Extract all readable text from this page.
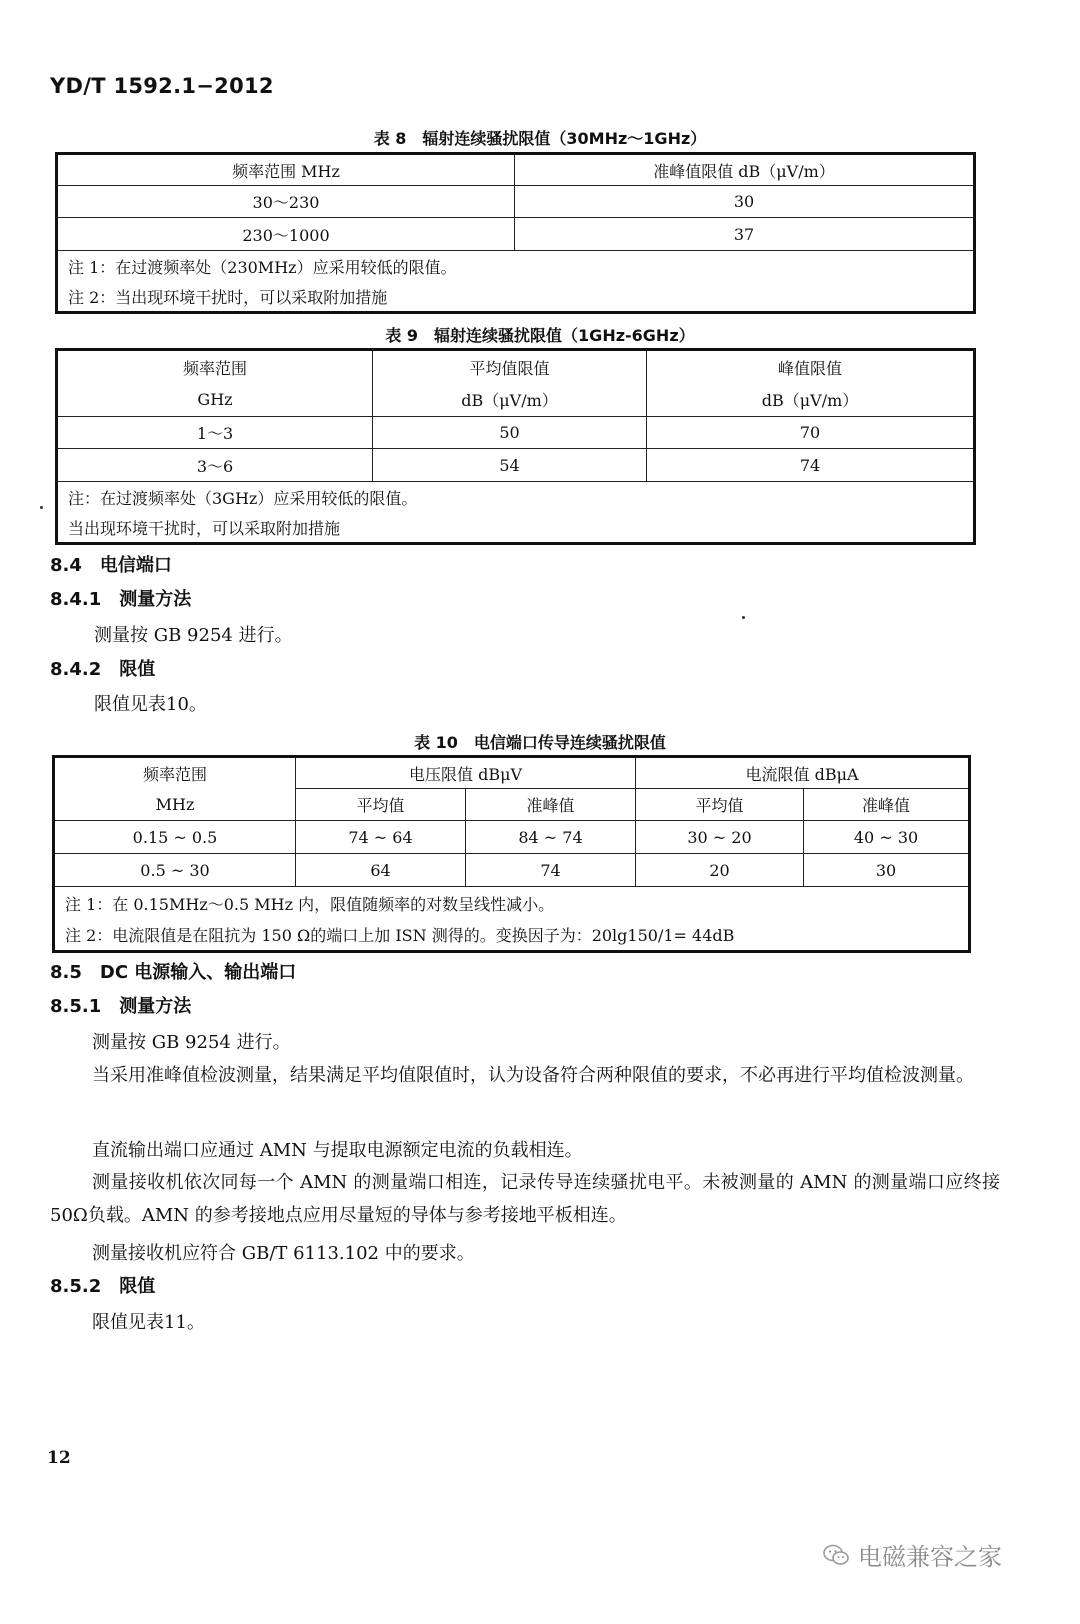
YD/T 1592.1−2012
表 8　辐射连续骚扰限值（30MHz～1GHz）
频率范围 MHz	准峰值限值 dB（μV/m）
30～230	30
230～1000	37
注 1：在过渡频率处（230MHz）应采用较低的限值。	
注 2：当出现环境干扰时，可以采取附加措施	
表 9　辐射连续骚扰限值（1GHz-6GHz）
频率范围	平均值限值	峰值限值
GHz	dB（μV/m）	dB（μV/m）
1～3	50	70
3～6	54	74
注：在过渡频率处（3GHz）应采用较低的限值。		
当出现环境干扰时，可以采取附加措施		
8.4　电信端口
8.4.1　测量方法
测量按 GB 9254 进行。
8.4.2　限值
限值见表10。
表 10　电信端口传导连续骚扰限值
频率范围	电压限值 dBμV		电流限值 dBμA	
MHz	平均值	准峰值	平均值	准峰值
0.15 ~ 0.5	74 ~ 64	84 ~ 74	30 ~ 20	40 ~ 30
0.5 ~ 30	64	74	20	30
注 1：在 0.15MHz～0.5 MHz 内，限值随频率的对数呈线性减小。				
注 2：电流限值是在阻抗为 150 Ω的端口上加 ISN 测得的。变换因子为：20lg150/1= 44dB				
8.5　DC 电源输入、输出端口
8.5.1　测量方法
测量按 GB 9254 进行。
当采用准峰值检波测量，结果满足平均值限值时，认为设备符合两种限值的要求，不必再进行平均值检波测量。
直流输出端口应通过 AMN 与提取电源额定电流的负载相连。
测量接收机依次同每一个 AMN 的测量端口相连，记录传导连续骚扰电平。未被测量的 AMN 的测量端口应终接 50Ω负载。AMN 的参考接地点应用尽量短的导体与参考接地平板相连。
测量接收机应符合 GB/T 6113.102 中的要求。
8.5.2　限值
限值见表11。
12
电磁兼容之家
